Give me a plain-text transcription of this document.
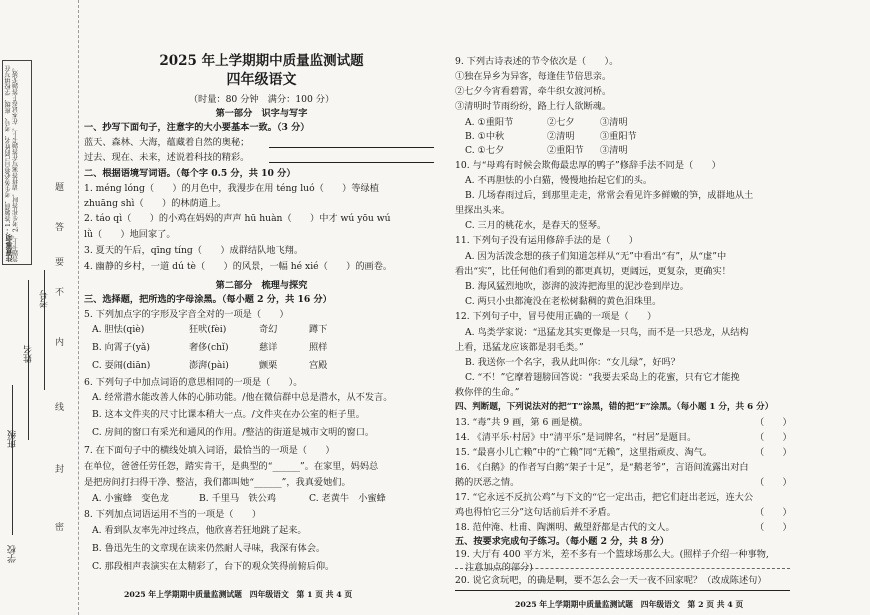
注意事项：1.答题前，考生务必将自己的姓名、考号、班级、学校填写在答题卡上。2.考生作答时，请将答案写在答题卡上，在本试卷上答题无效。
学校
班级
姓名
考号
密
封
线
内
不
要
答
题
2025 年上学期期中质量监测试题
四年级语文
（时量：80 分钟　满分：100 分）
第一部分　识字与写字
一、抄写下面句子，注意字的大小要基本一致。（3 分）
蓝天、森林、大海，蕴藏着自然的奥秘；
过去、现在、未来，述说着科技的精彩。
二、根据语境写词语。（每个字 0.5 分，共 10 分）
1. méng lóng（　　）的月色中，我漫步在用 téng luó（　　）等绿植
zhuāng shì（　　）的林荫道上。
2. táo qì（　　）的小鸡在妈妈的声声 hū huàn（　　）中才 wú yōu wú
lǜ（　　）地回家了。
3. 夏天的午后，qīng tíng（　　）成群结队地飞翔。
4. 幽静的乡村，一道 dú tè（　　）的风景，一幅 hé xié（　　）的画卷。
第二部分　梳理与探究
三、选择题，把所选的字母涂黑。（每小题 2 分，共 16 分）
5. 下列加点字的字形及字音全对的一项是（　　）
A. 胆怯(qiè)	狂吠(fèi)	奇幻	蹲下
B. 向霄子(yǎ)	奢侈(chǐ)	慈详	照样
C. 耍闹(diān)	澎湃(pài)	颤栗	宫殿
6. 下列句子中加点词语的意思相同的一项是（　　）。
A. 经常潜水能改善人体的心肺功能。/他在微信群中总是潜水，从不发言。
B. 这本文件夹的尺寸比课本稍大一点。/文件夹在办公室的柜子里。
C. 房间的窗口有采光和通风的作用。/整洁的街道是城市文明的窗口。
7. 在下面句子中的横线处填入词语，最恰当的一项是（　　）
在单位，爸爸任劳任怨，踏实肯干，是典型的“______”。在家里，妈妈总
是把房间打扫得干净、整洁，我们都叫她“______”，我真爱她们。
A. 小蜜蜂　变色龙	B. 千里马　铁公鸡	C. 老黄牛　小蜜蜂
8. 下列加点词语运用不当的一项是（　　）
A. 看到队友率先冲过终点，他欣喜若狂地跳了起来。
B. 鲁迅先生的文章现在读来仍然耐人寻味，我深有体会。
C. 那段相声表演实在太精彩了，台下的观众笑得前俯后仰。
2025 年上学期期中质量监测试题　四年级语文　第 1 页 共 4 页
9. 下列古诗表述的节令依次是（　　）。
①独在异乡为异客，每逢佳节倍思亲。
②七夕今宵看碧霄，牵牛织女渡河桥。
③清明时节雨纷纷，路上行人欲断魂。
A. ①重阳节	②七夕	③清明
B. ①中秋	②清明	③重阳节
C. ①七夕	②重阳节 ③清明
10. 与“母鸡有时候会欺侮最忠厚的鸭子”修辞手法不同是（　　）
A. 不再胆怯的小白猫，慢慢地抬起它们的头。
B. 几场春雨过后，到那里走走，常常会看见许多鲜嫩的笋，成群地从土
里探出头来。
C. 三月的桃花水，是春天的竖琴。
11. 下列句子没有运用修辞手法的是（　　）
A. 因为活泼念想的孩子们知道怎样从“无”中看出“有”，从“虚”中
看出“实”，比任何他们看到的都更真切，更阔远，更复杂，更确实！
B. 海风猛烈地吹，澎湃的波涛把海里的泥沙卷到岸边。
C. 两只小虫都淹没在老松树黏稠的黄色泪珠里。
12. 下列句子中，冒号使用正确的一项是（　　）
A. 鸟类学家说：“迅猛龙其实更像是一只鸟，而不是一只恐龙，从结构
上看，迅猛龙应该都是羽毛类。”
B. 我送你一个名字，我从此叫你：“女儿绿”，好吗？
C. “不！”它摩着翅膀回答说：“我要去采岛上的花蜜，只有它才能挽
救你伴的生命。”
四、判断题，下列说法对的把“T”涂黑，错的把“F”涂黑。（每小题 1 分，共 6 分）
13. “毒”共 9 画，第 6 画是横。	（　　）
14. 《清平乐·村居》中“清平乐”是词牌名，“村居”是题目。	（　　）
15. “最喜小儿亡赖”中的“亡赖”同“无赖”，这里指顽皮、淘气。	（　　）
16. 《白鹅》的作者写白鹅“架子十足”，是“鹅老爷”，言语间流露出对白
鹅的厌恶之情。	（　　）
17. “它永远不反抗公鸡”与下文的“它一定出击，把它们赶出老远，连大公
鸡也得怕它三分”这句话前后并不矛盾。	（　　）
18. 范仲淹、杜甫、陶渊明、戴望舒都是古代的文人。	（　　）
五、按要求完成句子练习。（每小题 2 分，共 8 分）
19. 大厅有 400 平方米，差不多有一个篮球场那么大。(照样子介绍一种事物,
注意加点的部分)
20. 说它贪玩吧，的确是啊，要不怎么会一天一夜不回家呢？（改成陈述句）
2025 年上学期期中质量监测试题　四年级语文　第 2 页 共 4 页
